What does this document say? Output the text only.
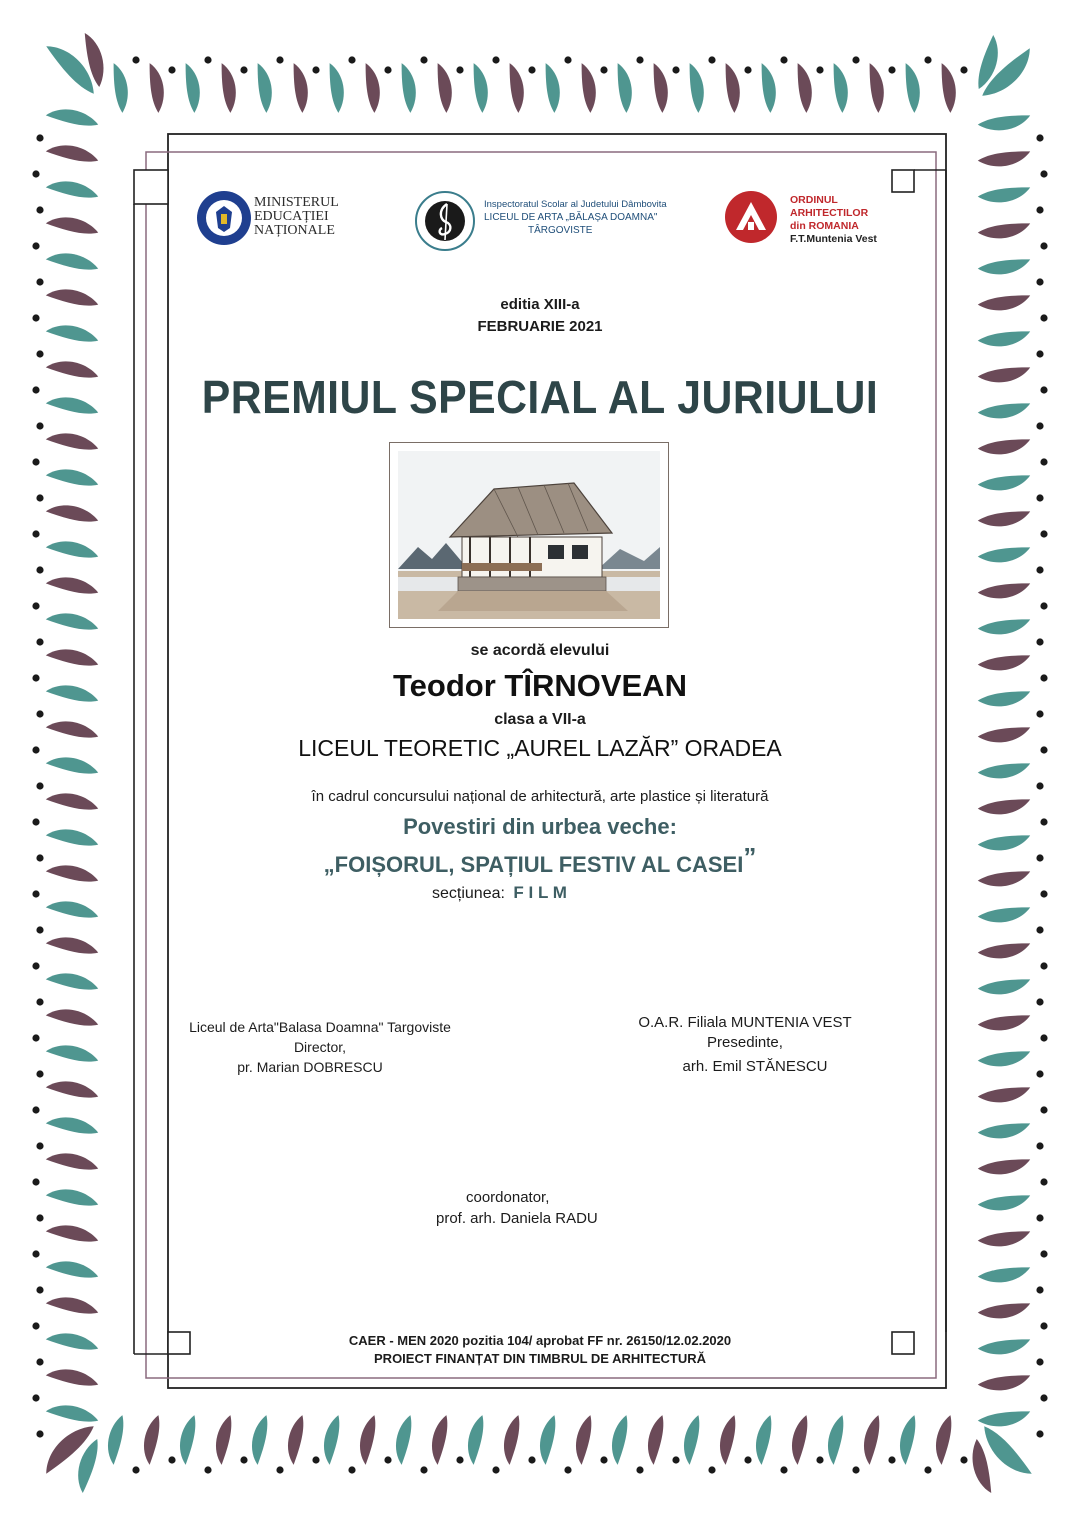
MINISTERUL
EDUCAȚIEI
NAȚIONALE
Inspectoratul Scolar al Judetului Dâmbovita
LICEUL DE ARTA „BĂLAȘA DOAMNA"
TÂRGOVISTE
ORDINUL
ARHITECTILOR
din ROMANIA
F.T.Muntenia Vest
editia XIII-a
FEBRUARIE 2021
PREMIUL SPECIAL AL JURIULUI
se acordă elevului
Teodor TÎRNOVEAN
clasa a VII-a
LICEUL TEORETIC „AUREL LAZĂR” ORADEA
în cadrul concursului național de arhitectură, arte plastice și literatură
Povestiri din urbea veche:
„FOIȘORUL, SPAȚIUL FESTIV AL CASEI”
secțiunea: F I L M
Liceul de Arta"Balasa Doamna" Targoviste
Director,
pr. Marian DOBRESCU
O.A.R. Filiala MUNTENIA VEST
Presedinte,
arh. Emil STĂNESCU
coordonator,
prof. arh. Daniela RADU
CAER - MEN 2020 pozitia 104/ aprobat FF nr. 26150/12.02.2020
PROIECT FINANȚAT DIN TIMBRUL DE ARHITECTURĂ
